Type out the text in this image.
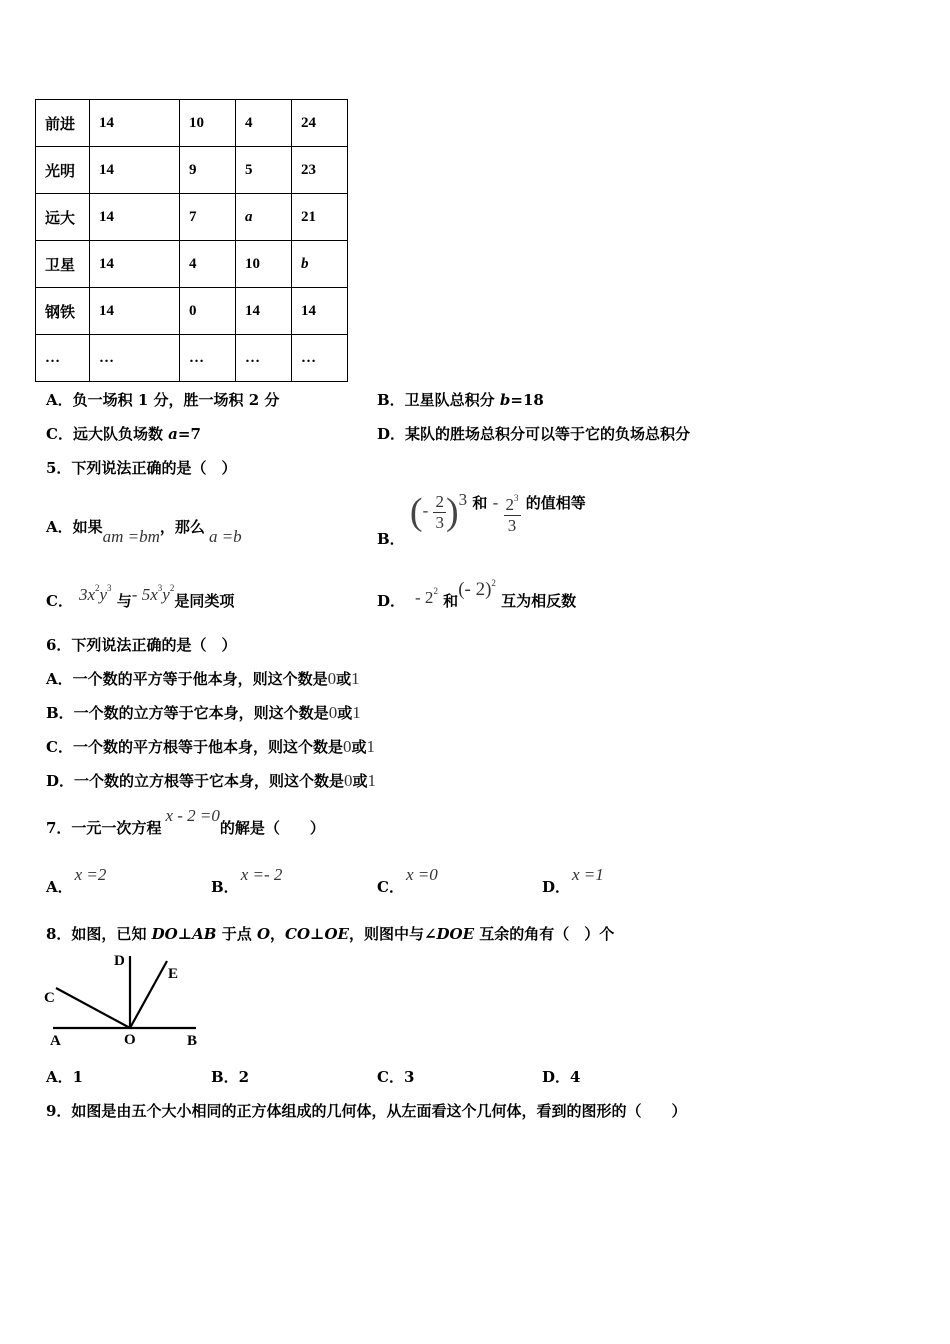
前进	14	10	4	24
光明	14	9	5	23
远大	14	7	a	21
卫星	14	4	10	b
钢铁	14	0	14	14
…	…	…	…	…
A．负一场积 1 分，胜一场积 2 分	B．卫星队总积分 b=18
C．远大队负场数 a=7	D．某队的胜场总积分可以等于它的负场总积分
5．下列说法正确的是（　）
A．如果am =bm，那么 a =b	B． (- $\frac{2}{3} )^3$ 和 - $\frac{2^3}{3}$ 的值相等
C． $3x^2y^3$ 与- $5x^3y^2$是同类项	D． - $2^2$ 和(- 2)$^2$ 互为相反数
6．下列说法正确的是（　）
A．一个数的平方等于他本身，则这个数是0或1
B．一个数的立方等于它本身，则这个数是0或1
C．一个数的平方根等于他本身，则这个数是0或1
D．一个数的立方根等于它本身，则这个数是0或1
7．一元一次方程x - 2 =0的解是（　　）
A．x =2
B．x =- 2
C．x =0
D．x =1
8．如图，已知 DO⊥AB 于点 O，CO⊥OE，则图中与∠DOE 互余的角有（　）个
D
E
C
A	O	B
A．1	B．2	C．3	D．4
9．如图是由五个大小相同的正方体组成的几何体，从左面看这个几何体，看到的图形的（　　）
